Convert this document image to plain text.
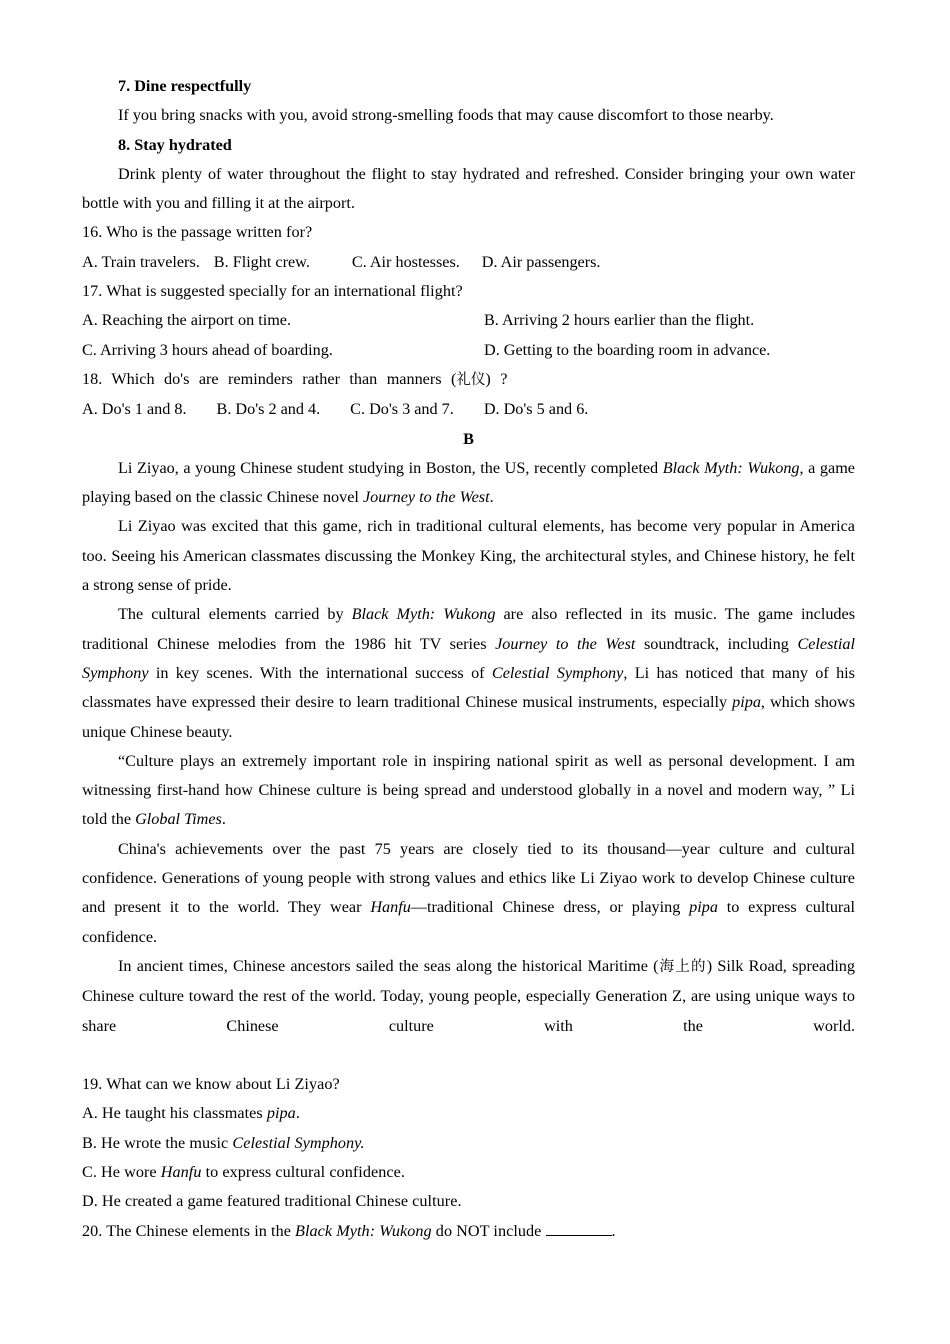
7. Dine respectfully
If you bring snacks with you, avoid strong-smelling foods that may cause discomfort to those nearby.
8. Stay hydrated
Drink plenty of water throughout the flight to stay hydrated and refreshed. Consider bringing your own water bottle with you and filling it at the airport.
16. Who is the passage written for?
A. Train travelers. B. Flight crew.	C. Air hostesses. D. Air passengers.
17. What is suggested specially for an international flight?
A. Reaching the airport on time.	B. Arriving 2 hours earlier than the flight.
C. Arriving 3 hours ahead of boarding.	D. Getting to the boarding room in advance.
18. Which do's are reminders rather than manners (礼仪) ?
A. Do's 1 and 8. B. Do's 2 and 4. C. Do's 3 and 7. D. Do's 5 and 6.
B

Li Ziyao, a young Chinese student studying in Boston, the US, recently completed Black Myth: Wukong, a game playing based on the classic Chinese novel Journey to the West.

Li Ziyao was excited that this game, rich in traditional cultural elements, has become very popular in America too. Seeing his American classmates discussing the Monkey King, the architectural styles, and Chinese history, he felt a strong sense of pride.

The cultural elements carried by Black Myth: Wukong are also reflected in its music. The game includes traditional Chinese melodies from the 1986 hit TV series Journey to the West soundtrack, including Celestial Symphony in key scenes. With the international success of Celestial Symphony, Li has noticed that many of his classmates have expressed their desire to learn traditional Chinese musical instruments, especially pipa, which shows unique Chinese beauty.

“Culture plays an extremely important role in inspiring national spirit as well as personal development. I am witnessing first-hand how Chinese culture is being spread and understood globally in a novel and modern way, ” Li told the Global Times.

China's achievements over the past 75 years are closely tied to its thousand—year culture and cultural confidence. Generations of young people with strong values and ethics like Li Ziyao work to develop Chinese culture and present it to the world. They wear Hanfu—traditional Chinese dress, or playing pipa to express cultural confidence.

In ancient times, Chinese ancestors sailed the seas along the historical Maritime (海上的) Silk Road, spreading Chinese culture toward the rest of the world. Today, young people, especially Generation Z, are using unique ways to share Chinese culture with the world.

19. What can we know about Li Ziyao?
A. He taught his classmates pipa.
B. He wrote the music Celestial Symphony.
C. He wore Hanfu to express cultural confidence.
D. He created a game featured traditional Chinese culture.
20. The Chinese elements in the Black Myth: Wukong do NOT include	.
